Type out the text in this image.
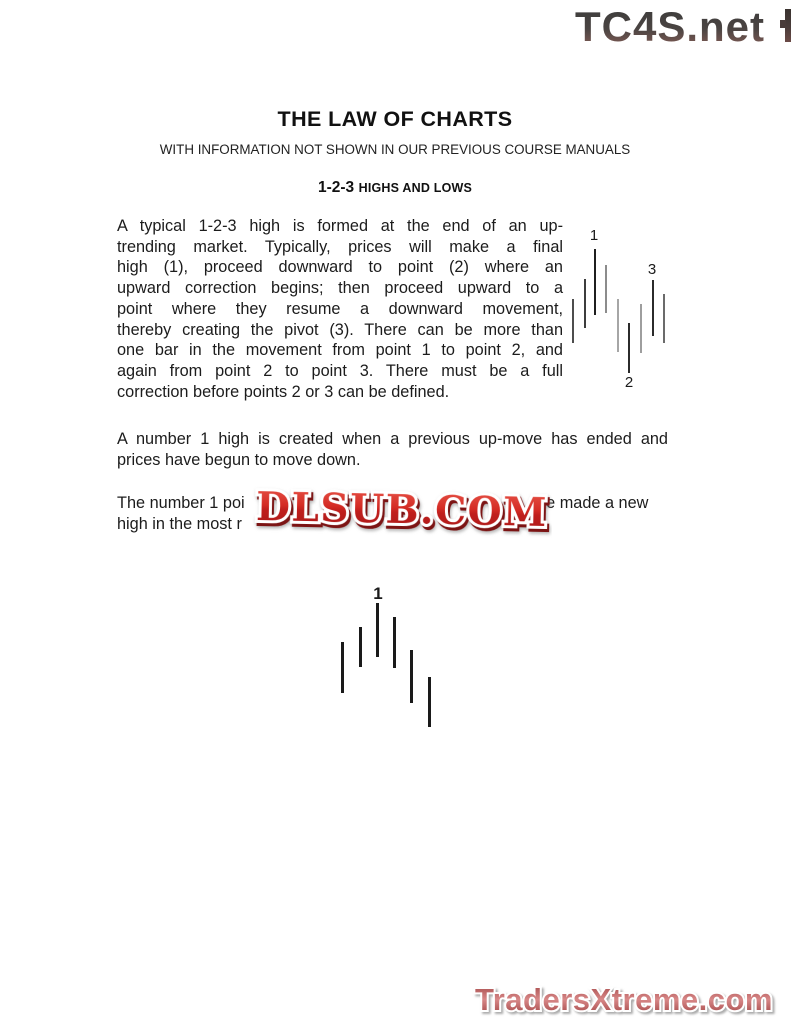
TC4S.net
THE LAW OF CHARTS
WITH INFORMATION NOT SHOWN IN OUR PREVIOUS COURSE MANUALS
1-2-3 HIGHS AND LOWS
A typical 1-2-3 high is formed at the end of an up-
trending market. Typically, prices will make a final
high (1), proceed downward to point (2) where an
upward correction begins; then proceed upward to a
point where they resume a downward movement,
thereby creating the pivot (3). There can be more than
one bar in the movement from point 1 to point 2, and
again from point 2 to point 3. There must be a full
correction before points 2 or 3 can be defined.
1
2
3
A number 1 high is created when a previous up-move has ended and
prices have begun to move down.
The number 1 poi	ve made a new
high in the most r DLSUB.COM
1
TradersXtreme.com
